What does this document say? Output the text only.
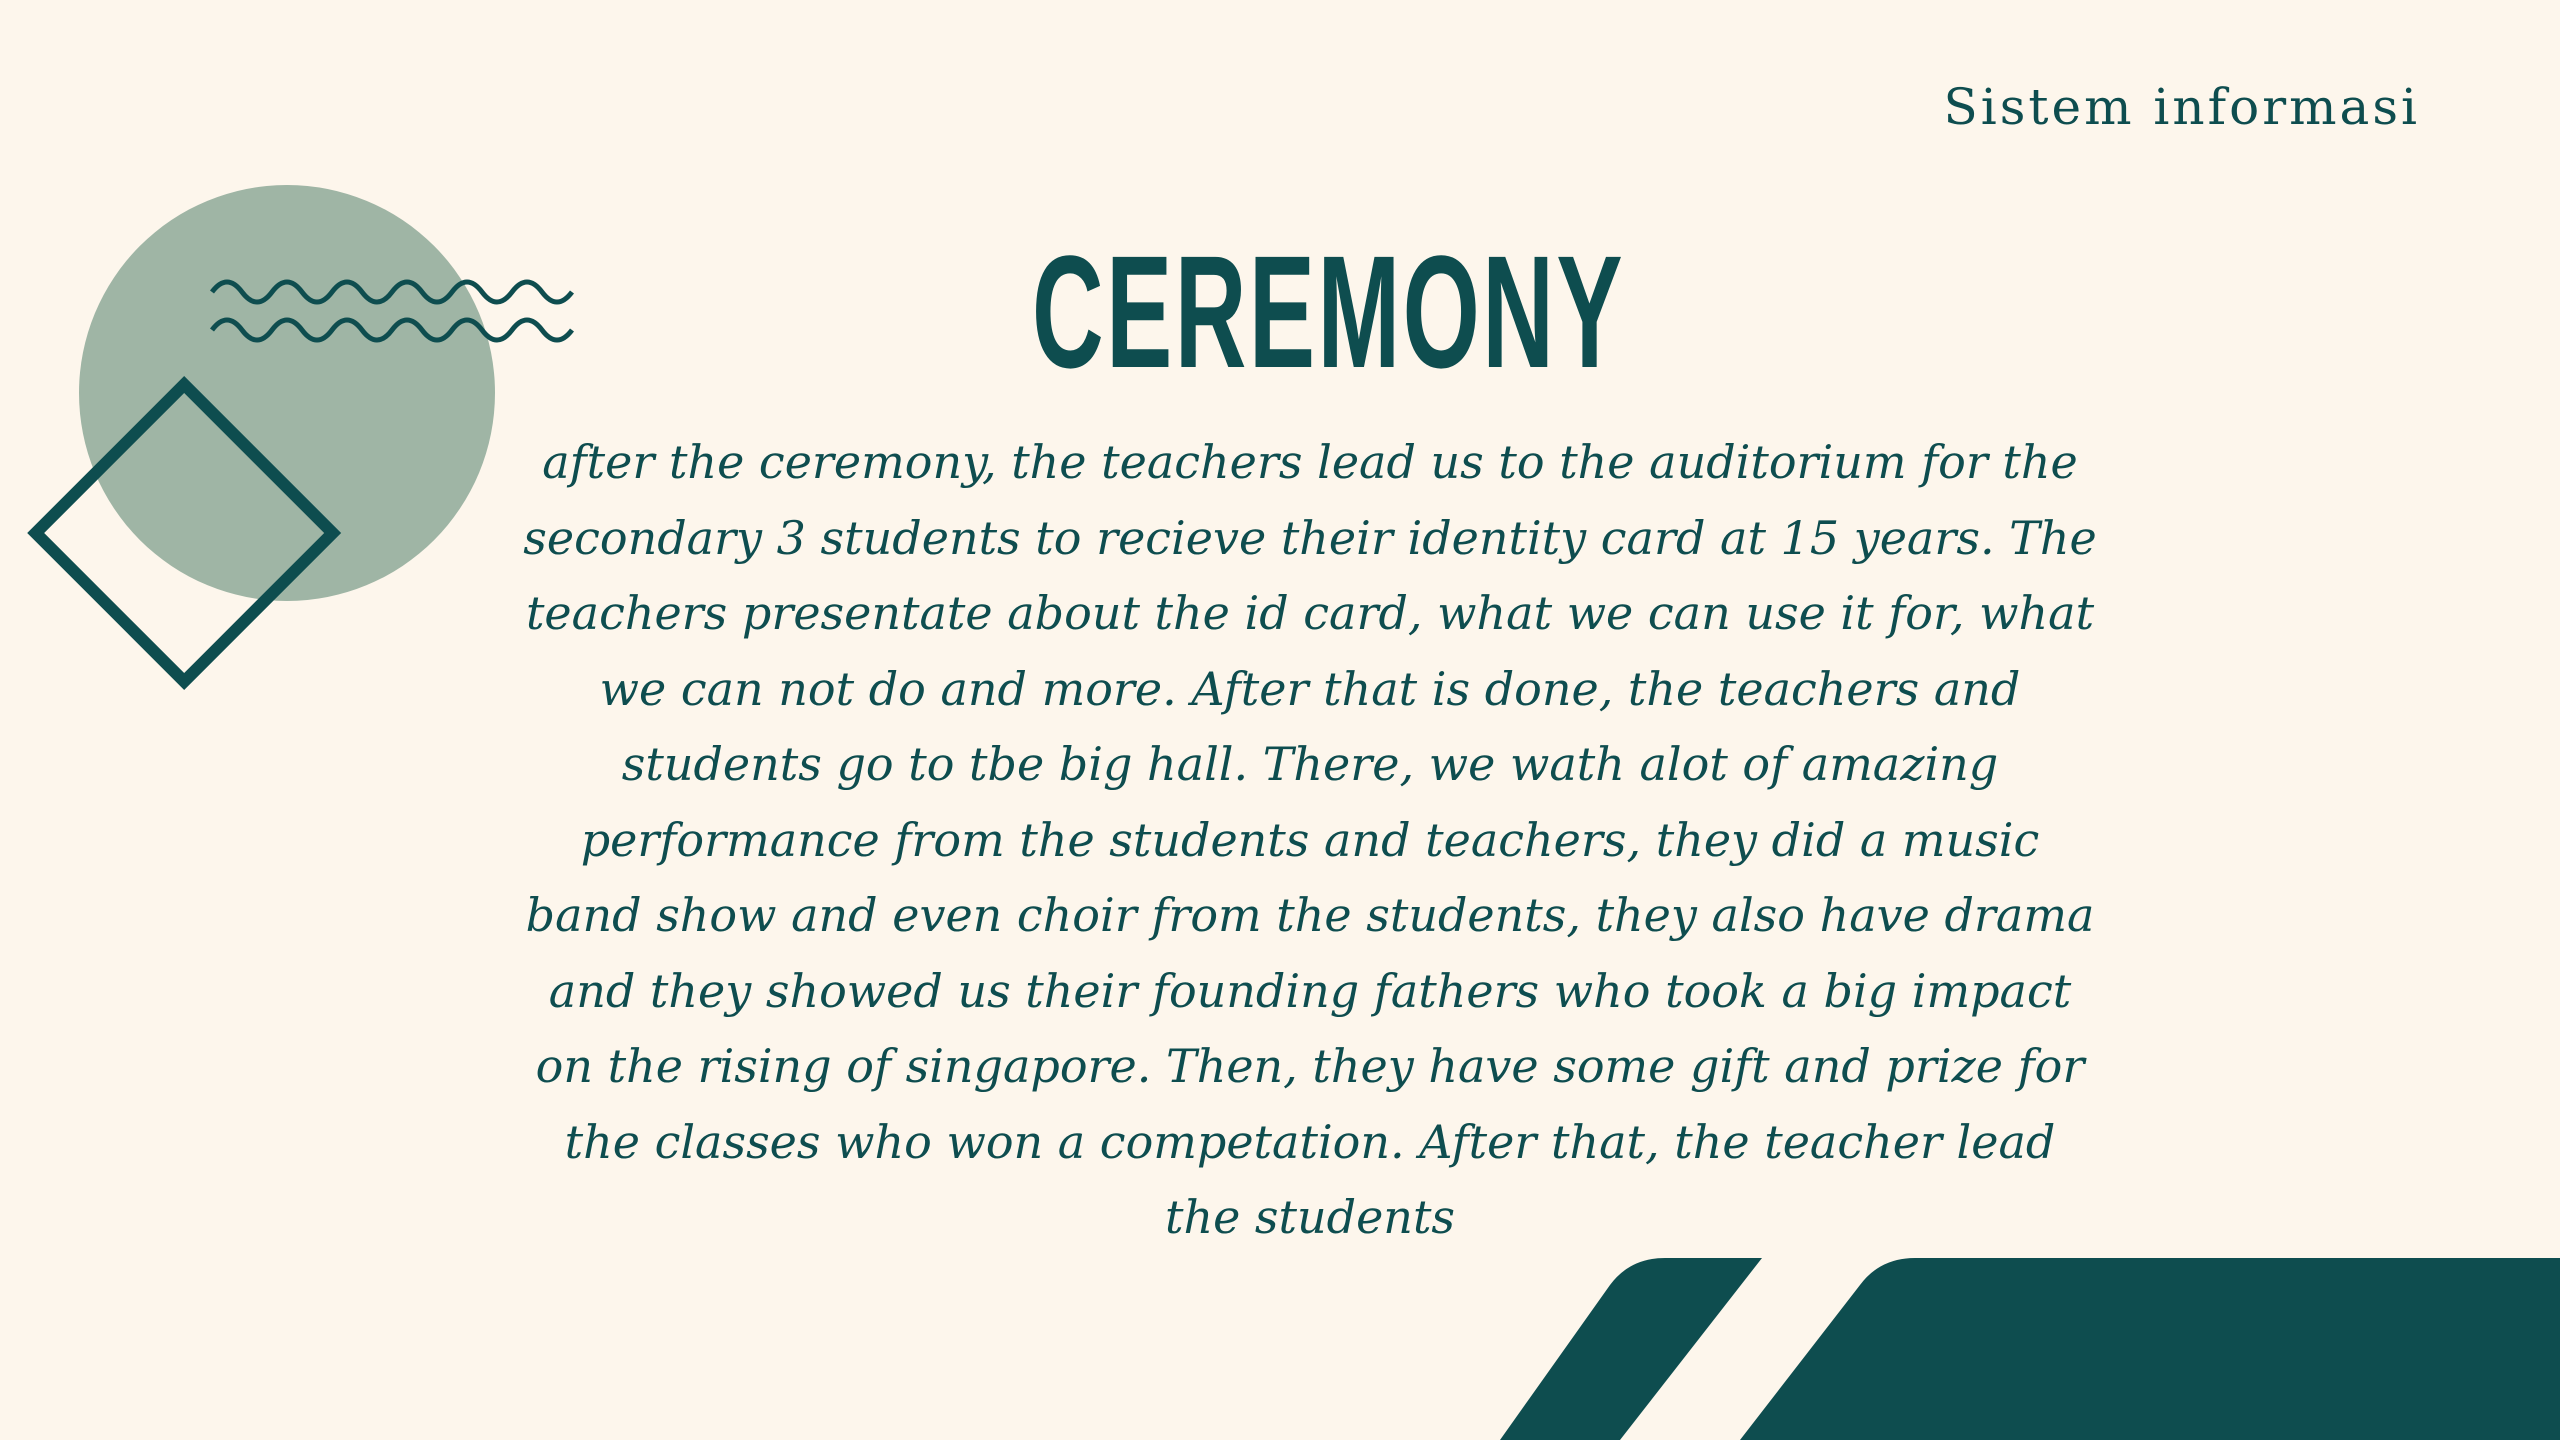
Sistem informasi
CEREMONY
after the ceremony, the teachers lead us to the auditorium for the secondary 3 students to recieve their identity card at 15 years. The teachers presentate about the id card, what we can use it for, what we can not do and more. After that is done, the teachers and students go to tbe big hall. There, we wath alot of amazing performance from the students and teachers, they did a music band show and even choir from the students, they also have drama and they showed us their founding fathers who took a big impact on the rising of singapore. Then, they have some gift and prize for the classes who won a competation. After that, the teacher lead the students
